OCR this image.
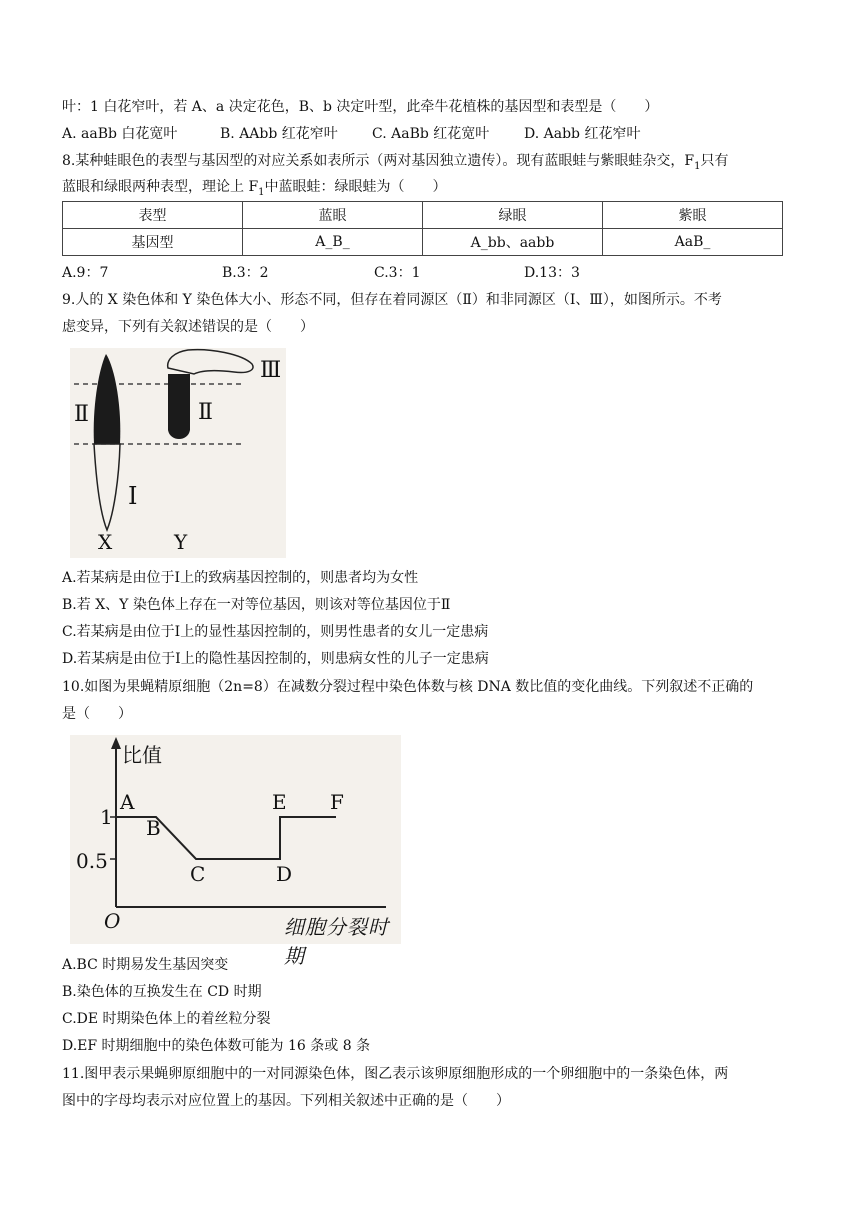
叶：1 白花窄叶，若 A、a 决定花色，B、b 决定叶型，此牵牛花植株的基因型和表型是（　　）
A. aaBb 白花宽叶	B. AAbb 红花窄叶 C. AaBb 红花宽叶 D. Aabb 红花窄叶
8.某种蛙眼色的表型与基因型的对应关系如表所示（两对基因独立遗传）。现有蓝眼蛙与紫眼蛙杂交，$F_1$只有
蓝眼和绿眼两种表型，理论上 $F_1$中蓝眼蛙：绿眼蛙为（　　）
表型	蓝眼	绿眼	紫眼
基因型	A_B_	A_bb、aabb	AaB_
A.9：7	B.3：2	C.3：1	D.13：3
9.人的 X 染色体和 Y 染色体大小、形态不同，但存在着同源区（Ⅱ）和非同源区（Ⅰ、Ⅲ），如图所示。不考
虑变异，下列有关叙述错误的是（　　）
Ⅱ	Ⅱ
Ⅲ
Ⅰ
X	Y
A.若某病是由位于Ⅰ上的致病基因控制的，则患者均为女性
B.若 X、Y 染色体上存在一对等位基因，则该对等位基因位于Ⅱ
C.若某病是由位于Ⅰ上的显性基因控制的，则男性患者的女儿一定患病
D.若某病是由位于Ⅰ上的隐性基因控制的，则患病女性的儿子一定患病
10.如图为果蝇精原细胞（2n=8）在减数分裂过程中染色体数与核 DNA 数比值的变化曲线。下列叙述不正确的
是（　　）
比值
细胞分裂时期
O
1
0.5
A
B
C	D
E F
A.BC 时期易发生基因突变
B.染色体的互换发生在 CD 时期
C.DE 时期染色体上的着丝粒分裂
D.EF 时期细胞中的染色体数可能为 16 条或 8 条
11.图甲表示果蝇卵原细胞中的一对同源染色体，图乙表示该卵原细胞形成的一个卵细胞中的一条染色体，两
图中的字母均表示对应位置上的基因。下列相关叙述中正确的是（　　）
